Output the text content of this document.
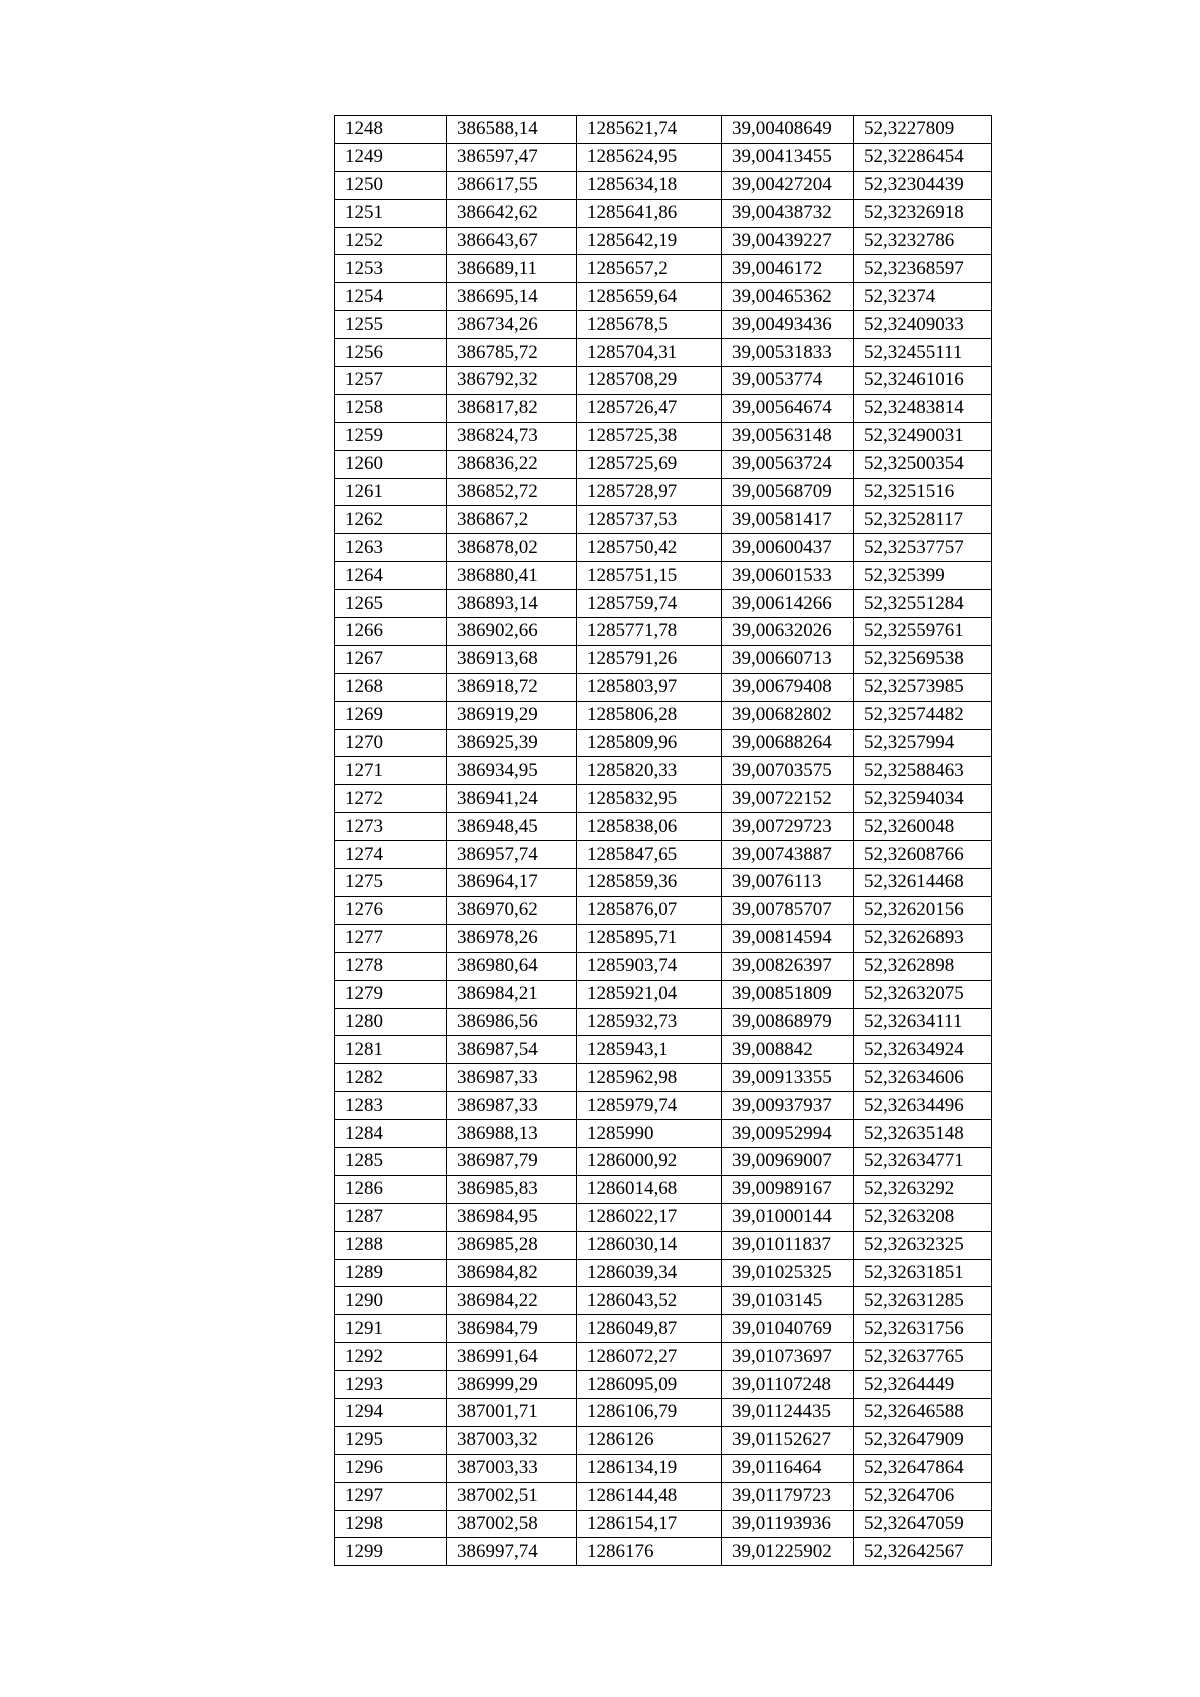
1248	386588,14	1285621,74	39,00408649	52,3227809
1249	386597,47	1285624,95	39,00413455	52,32286454
1250	386617,55	1285634,18	39,00427204	52,32304439
1251	386642,62	1285641,86	39,00438732	52,32326918
1252	386643,67	1285642,19	39,00439227	52,3232786
1253	386689,11	1285657,2	39,0046172	52,32368597
1254	386695,14	1285659,64	39,00465362	52,32374
1255	386734,26	1285678,5	39,00493436	52,32409033
1256	386785,72	1285704,31	39,00531833	52,32455111
1257	386792,32	1285708,29	39,0053774	52,32461016
1258	386817,82	1285726,47	39,00564674	52,32483814
1259	386824,73	1285725,38	39,00563148	52,32490031
1260	386836,22	1285725,69	39,00563724	52,32500354
1261	386852,72	1285728,97	39,00568709	52,3251516
1262	386867,2	1285737,53	39,00581417	52,32528117
1263	386878,02	1285750,42	39,00600437	52,32537757
1264	386880,41	1285751,15	39,00601533	52,325399
1265	386893,14	1285759,74	39,00614266	52,32551284
1266	386902,66	1285771,78	39,00632026	52,32559761
1267	386913,68	1285791,26	39,00660713	52,32569538
1268	386918,72	1285803,97	39,00679408	52,32573985
1269	386919,29	1285806,28	39,00682802	52,32574482
1270	386925,39	1285809,96	39,00688264	52,3257994
1271	386934,95	1285820,33	39,00703575	52,32588463
1272	386941,24	1285832,95	39,00722152	52,32594034
1273	386948,45	1285838,06	39,00729723	52,3260048
1274	386957,74	1285847,65	39,00743887	52,32608766
1275	386964,17	1285859,36	39,0076113	52,32614468
1276	386970,62	1285876,07	39,00785707	52,32620156
1277	386978,26	1285895,71	39,00814594	52,32626893
1278	386980,64	1285903,74	39,00826397	52,3262898
1279	386984,21	1285921,04	39,00851809	52,32632075
1280	386986,56	1285932,73	39,00868979	52,32634111
1281	386987,54	1285943,1	39,008842	52,32634924
1282	386987,33	1285962,98	39,00913355	52,32634606
1283	386987,33	1285979,74	39,00937937	52,32634496
1284	386988,13	1285990	39,00952994	52,32635148
1285	386987,79	1286000,92	39,00969007	52,32634771
1286	386985,83	1286014,68	39,00989167	52,3263292
1287	386984,95	1286022,17	39,01000144	52,3263208
1288	386985,28	1286030,14	39,01011837	52,32632325
1289	386984,82	1286039,34	39,01025325	52,32631851
1290	386984,22	1286043,52	39,0103145	52,32631285
1291	386984,79	1286049,87	39,01040769	52,32631756
1292	386991,64	1286072,27	39,01073697	52,32637765
1293	386999,29	1286095,09	39,01107248	52,3264449
1294	387001,71	1286106,79	39,01124435	52,32646588
1295	387003,32	1286126	39,01152627	52,32647909
1296	387003,33	1286134,19	39,0116464	52,32647864
1297	387002,51	1286144,48	39,01179723	52,3264706
1298	387002,58	1286154,17	39,01193936	52,32647059
1299	386997,74	1286176	39,01225902	52,32642567
